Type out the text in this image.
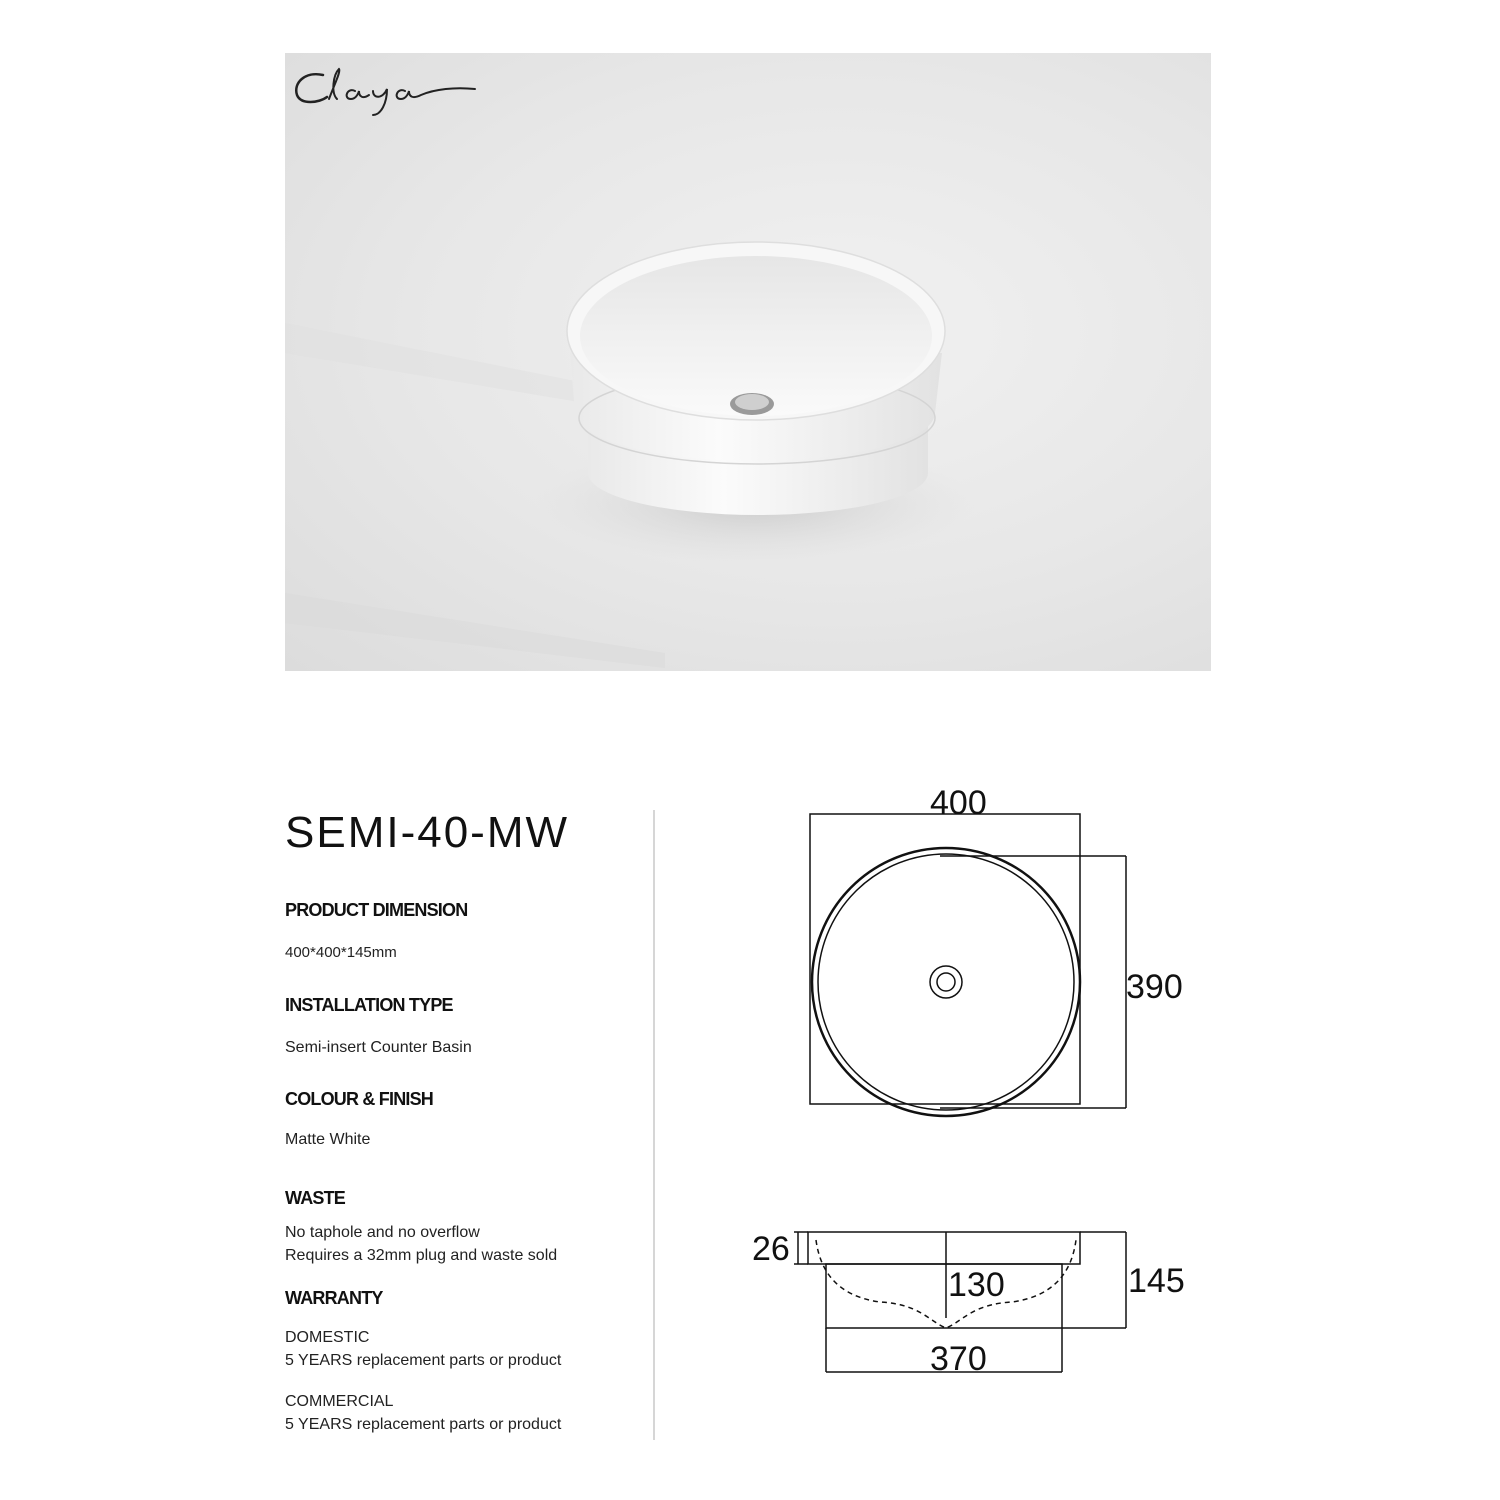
SEMI-40-MW
PRODUCT DIMENSION
400*400*145mm
INSTALLATION TYPE
Semi-insert Counter Basin
COLOUR & FINISH
Matte White
WASTE
No taphole and no overflow
Requires a 32mm plug and waste sold
WARRANTY
DOMESTIC
5 YEARS replacement parts or product
COMMERCIAL
5 YEARS replacement parts or product
400
390
26
130	145
370
